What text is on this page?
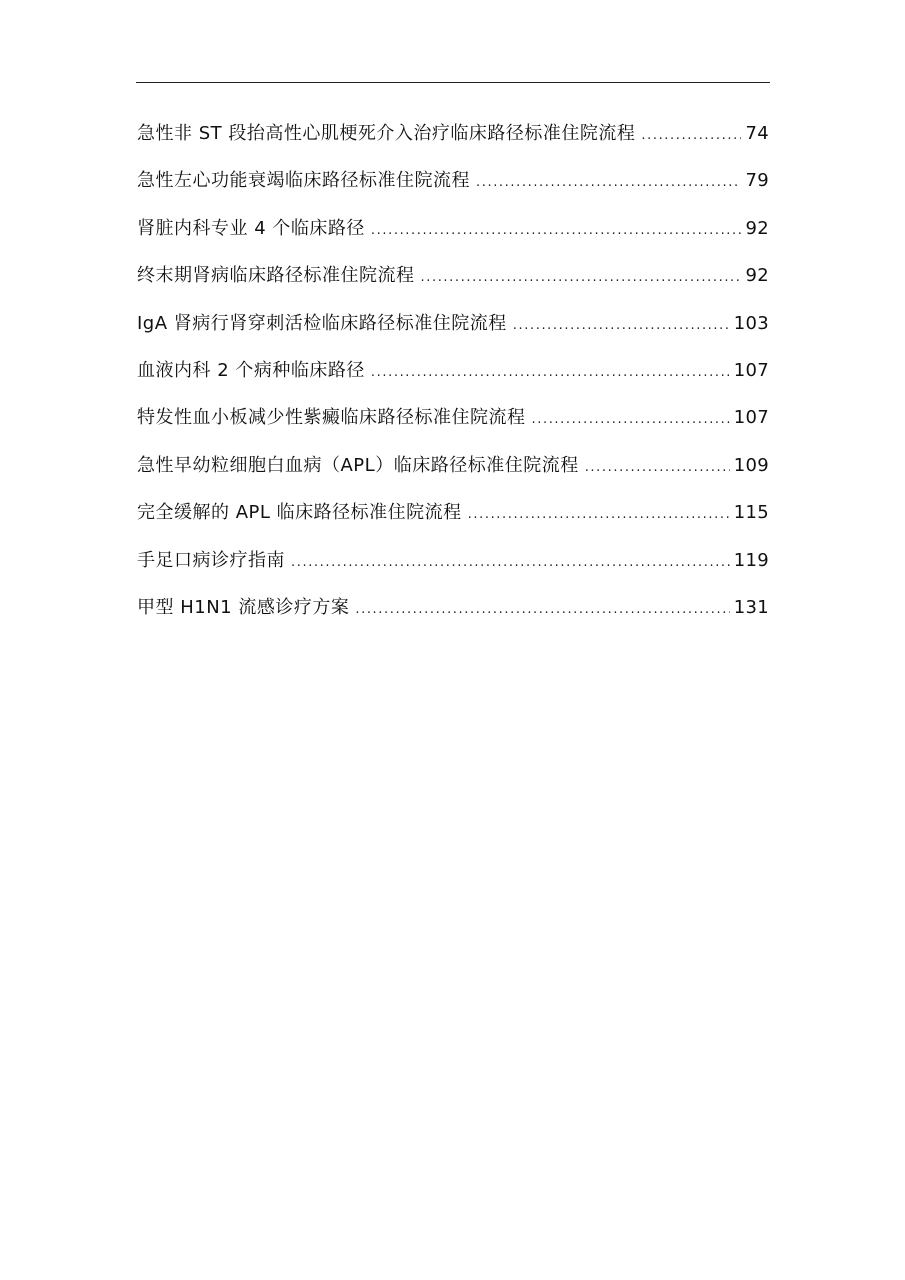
急性非 ST 段抬高性心肌梗死介入治疗临床路径标准住院流程 .....	74
急性左心功能衰竭临床路径标准住院流程 .....	79
肾脏内科专业 4 个临床路径 .....	92
终末期肾病临床路径标准住院流程 .....	92
IgA 肾病行肾穿刺活检临床路径标准住院流程 .....	103
血液内科 2 个病种临床路径 .....	107
特发性血小板减少性紫癜临床路径标准住院流程 .....	107
急性早幼粒细胞白血病（APL）临床路径标准住院流程 .....	109
完全缓解的 APL 临床路径标准住院流程 .....	115
手足口病诊疗指南 .....	119
甲型 H1N1 流感诊疗方案 .....	131
